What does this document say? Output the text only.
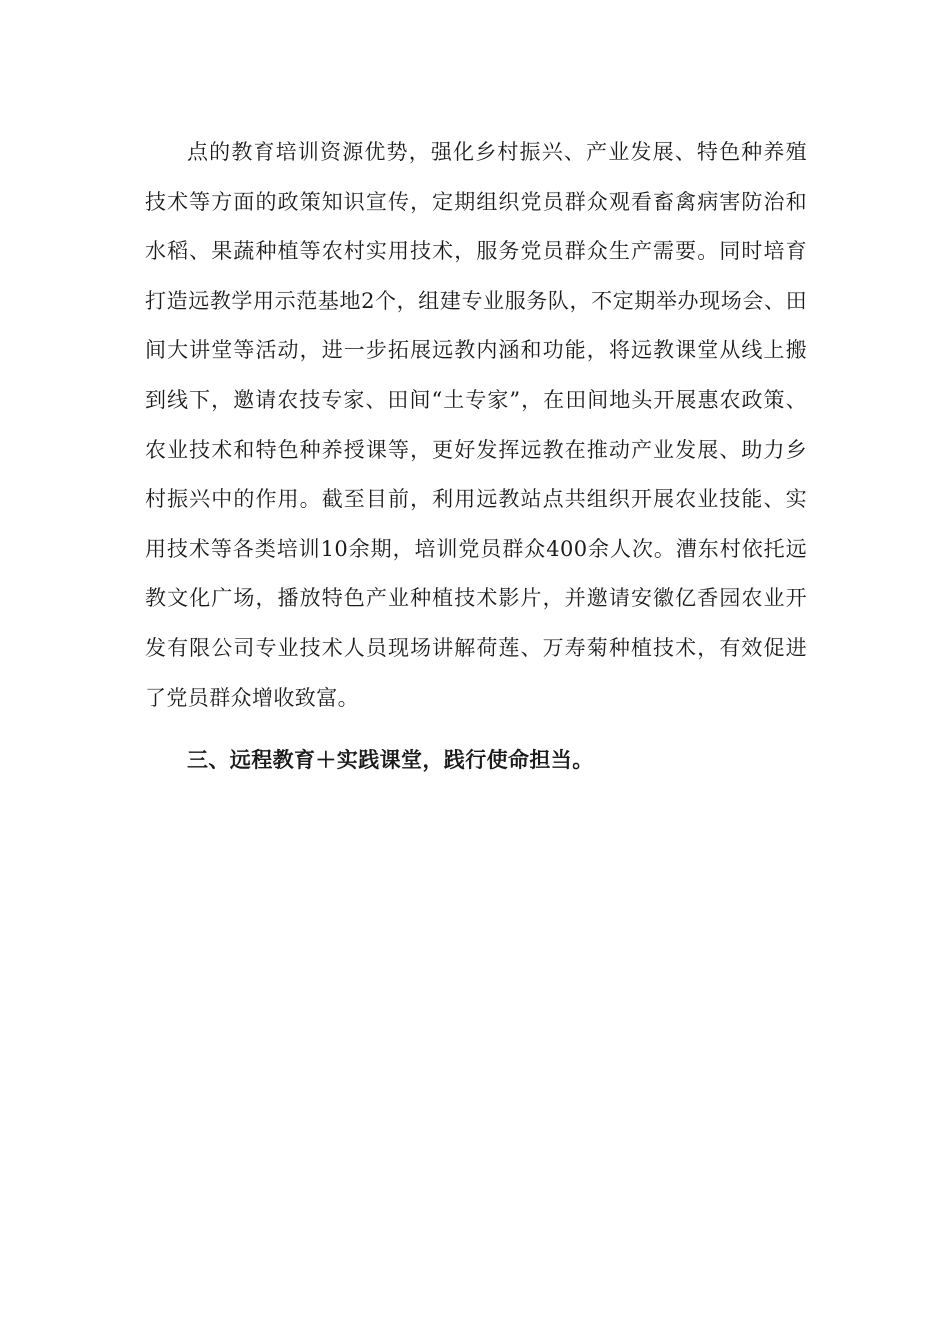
点的教育培训资源优势，强化乡村振兴、产业发展、特色种养殖技术等方面的政策知识宣传，定期组织党员群众观看畜禽病害防治和水稻、果蔬种植等农村实用技术，服务党员群众生产需要。同时培育打造远教学用示范基地2个，组建专业服务队，不定期举办现场会、田间大讲堂等活动，进一步拓展远教内涵和功能，将远教课堂从线上搬到线下，邀请农技专家、田间“土专家”，在田间地头开展惠农政策、农业技术和特色种养授课等，更好发挥远教在推动产业发展、助力乡村振兴中的作用。截至目前，利用远教站点共组织开展农业技能、实用技术等各类培训10余期，培训党员群众400余人次。漕东村依托远教文化广场，播放特色产业种植技术影片，并邀请安徽亿香园农业开发有限公司专业技术人员现场讲解荷莲、万寿菊种植技术，有效促进了党员群众增收致富。

三、远程教育＋实践课堂，践行使命担当。
